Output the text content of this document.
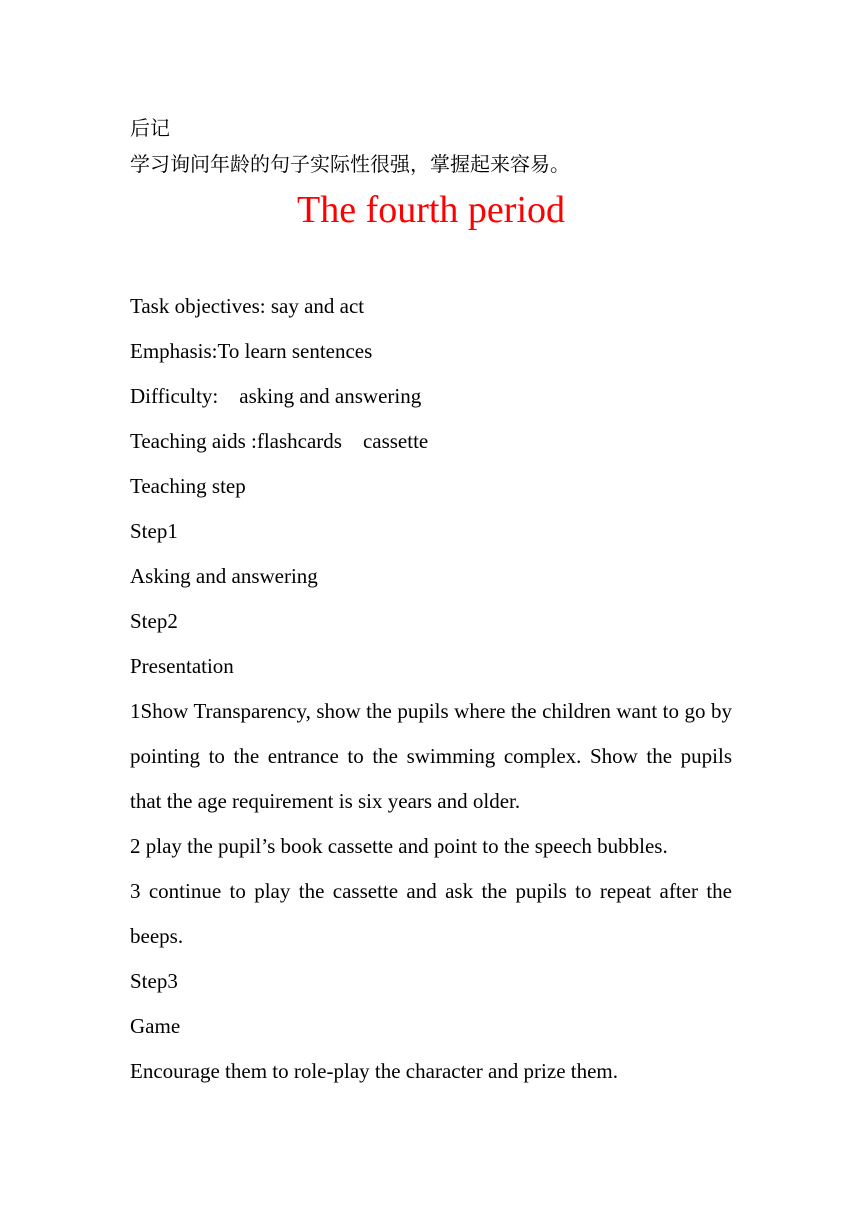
后记
学习询问年龄的句子实际性很强，掌握起来容易。
The fourth period
Task objectives: say and act
Emphasis:To learn sentences
Difficulty:    asking and answering
Teaching aids :flashcards    cassette
Teaching step
Step1
Asking and answering
Step2
Presentation
1Show Transparency, show the pupils where the children want to go by pointing to the entrance to the swimming complex. Show the pupils that the age requirement is six years and older.
2 play the pupil’s book cassette and point to the speech bubbles.
3 continue to play the cassette and ask the pupils to repeat after the beeps.
Step3
Game
Encourage them to role-play the character and prize them.
